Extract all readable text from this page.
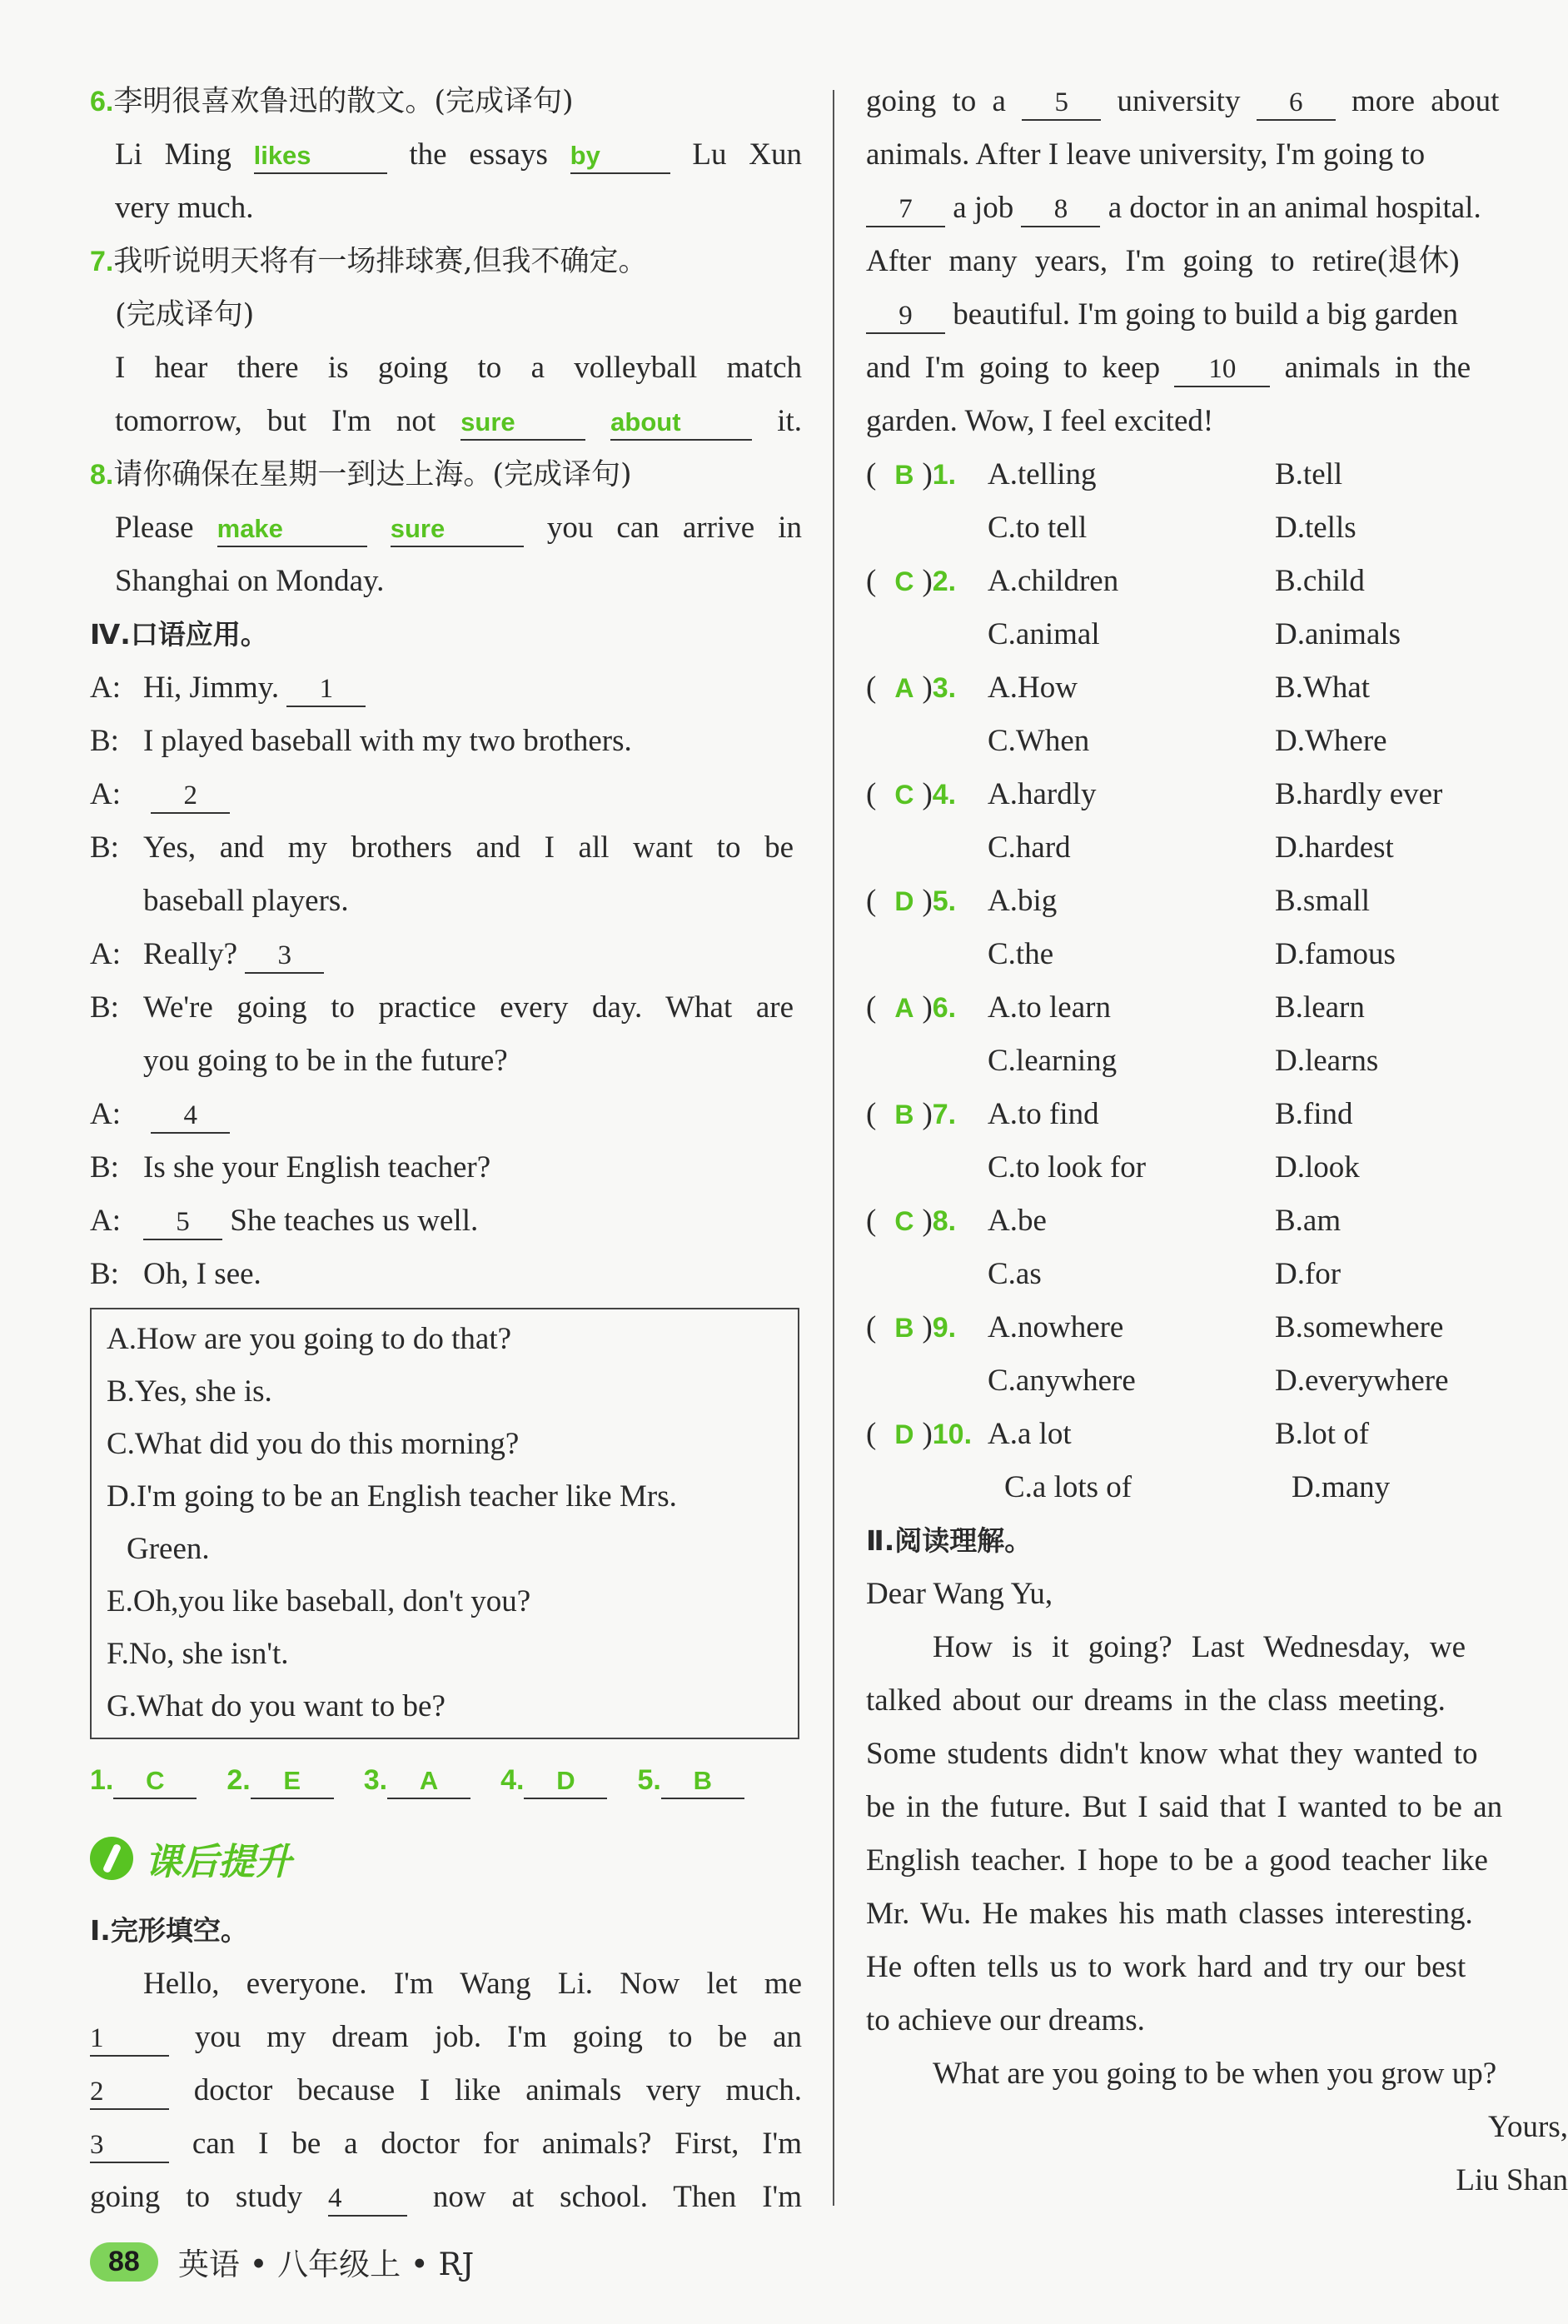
6.李明很喜欢鲁迅的散文。(完成译句)
Li Ming likes	the essays by	Lu Xun
very much.
7.我听说明天将有一场排球赛,但我不确定。
(完成译句)
I hear there is going to a volleyball match
tomorrow, but I'm not sure	about	it.
8.请你确保在星期一到达上海。(完成译句)
Please make	sure	you can arrive in
Shanghai on Monday.
Ⅳ.口语应用。
A: Hi, Jimmy. 1
B: I played baseball with my two brothers.
A: 2
B: Yes, and my brothers and I all want to be
baseball players.
A: Really? 3
B: We're going to practice every day. What are
you going to be in the future?
A: 4
B: Is she your English teacher?
A: 5 She teaches us well.
B: Oh, I see.
A.How are you going to do that?
B.Yes, she is.
C.What did you do this morning?
D.I'm going to be an English teacher like Mrs.
Green.
E.Oh,you like baseball, don't you?
F.No, she isn't.
G.What do you want to be?
1.	C	2.	E	3.	A	4.	D	5.	B
课后提升
Ⅰ.完形填空。
Hello, everyone. I'm Wang Li. Now let me
1	you my dream job. I'm going to be an
2	doctor because I like animals very much.
3	can I be a doctor for animals? First, I'm
going to study 4	now at school. Then I'm
going to a 5 university 6 more about
animals. After I leave university, I'm going to
7 a job 8 a doctor in an animal hospital.
After many years, I'm going to retire(退休)
9 beautiful. I'm going to build a big garden
and I'm going to keep 10 animals in the
garden. Wow, I feel excited!
( B ) 1. A.telling	B.tell
C.to tell	D.tells
( C ) 2. A.children	B.child
C.animal	D.animals
( A ) 3. A.How	B.What
C.When	D.Where
( C ) 4. A.hardly	B.hardly ever
C.hard	D.hardest
( D ) 5. A.big	B.small
C.the	D.famous
( A ) 6. A.to learn	B.learn
C.learning	D.learns
( B ) 7. A.to find	B.find
C.to look for	D.look
( C ) 8. A.be	B.am
C.as	D.for
( B ) 9. A.nowhere	B.somewhere
C.anywhere	D.everywhere
( D ) 10. A.a lot	B.lot of
C.a lots of	D.many
Ⅱ.阅读理解。
Dear Wang Yu,
How is it going? Last Wednesday, we
talked about our dreams in the class meeting.
Some students didn't know what they wanted to
be in the future. But I said that I wanted to be an
English teacher. I hope to be a good teacher like
Mr. Wu. He makes his math classes interesting.
He often tells us to work hard and try our best
to achieve our dreams.
What are you going to be when you grow up?
Yours,
Liu Shan
88	英语 • 八年级上 • RJ
